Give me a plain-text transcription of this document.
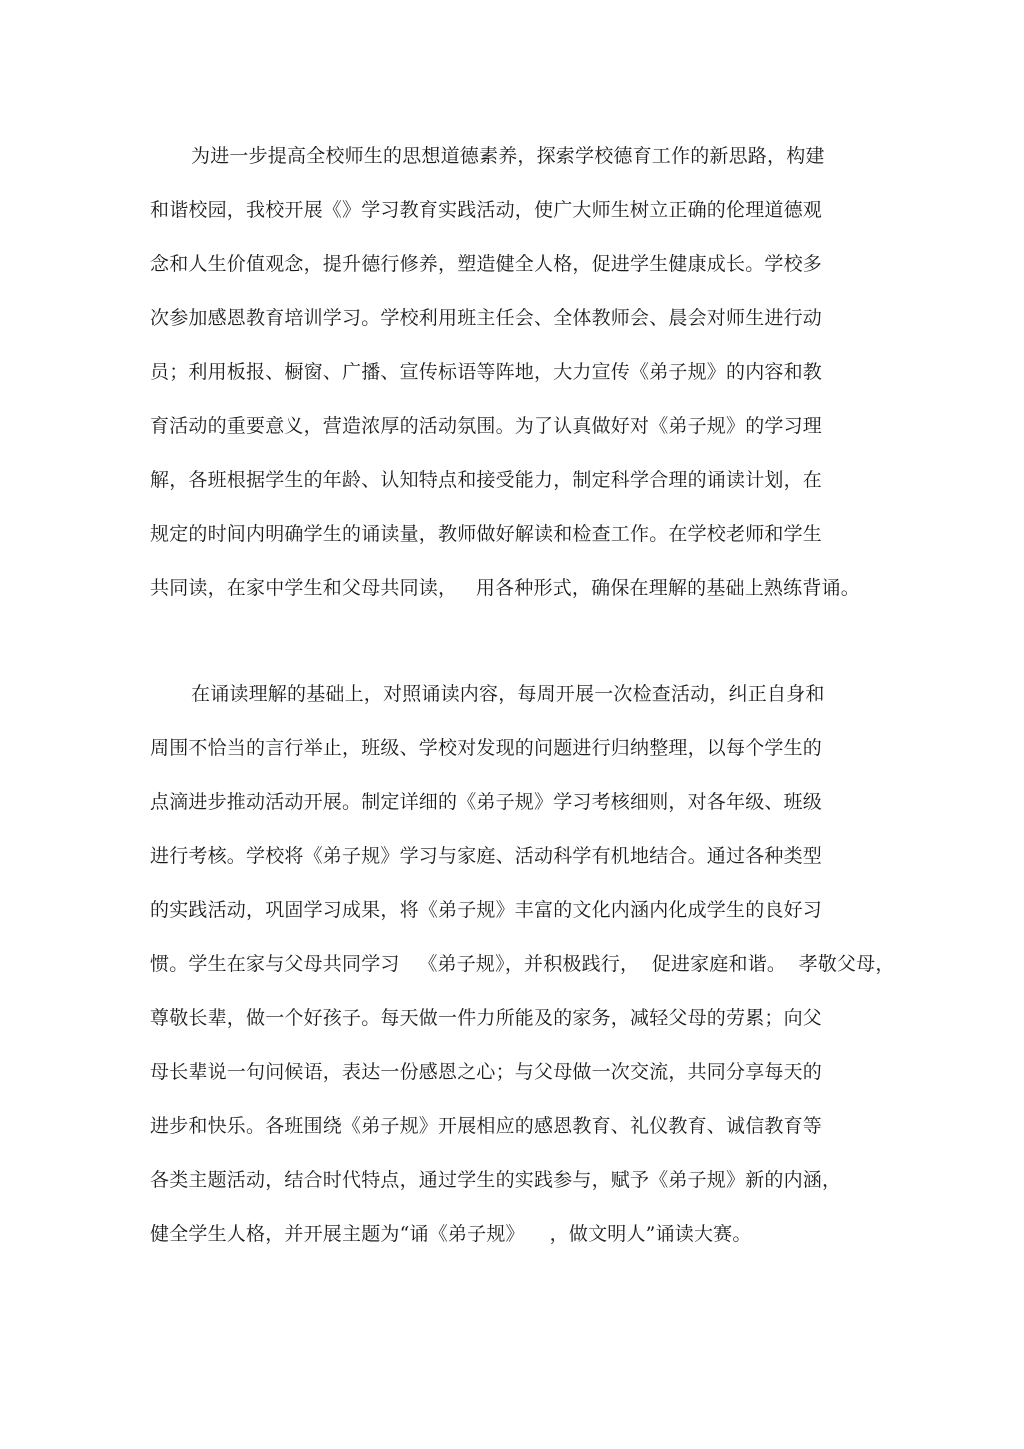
为进一步提高全校师生的思想道德素养，探索学校德育工作的新思路，构建
和谐校园，我校开展《》学习教育实践活动，使广大师生树立正确的伦理道德观
念和人生价值观念，提升德行修养，塑造健全人格，促进学生健康成长。学校多
次参加感恩教育培训学习。学校利用班主任会、全体教师会、晨会对师生进行动
员；利用板报、橱窗、广播、宣传标语等阵地，大力宣传《弟子规》的内容和教
育活动的重要意义，营造浓厚的活动氛围。为了认真做好对《弟子规》的学习理
解，各班根据学生的年龄、认知特点和接受能力，制定科学合理的诵读计划，在
规定的时间内明确学生的诵读量，教师做好解读和检查工作。在学校老师和学生
共同读，在家中学生和父母共同读，   用各种形式，确保在理解的基础上熟练背诵。
在诵读理解的基础上，对照诵读内容，每周开展一次检查活动，纠正自身和
周围不恰当的言行举止，班级、学校对发现的问题进行归纳整理，以每个学生的
点滴进步推动活动开展。制定详细的《弟子规》学习考核细则，对各年级、班级
进行考核。学校将《弟子规》学习与家庭、活动科学有机地结合。通过各种类型
的实践活动，巩固学习成果，将《弟子规》丰富的文化内涵内化成学生的良好习
惯。学生在家与父母共同学习   《弟子规》，并积极践行，  促进家庭和谐。  孝敬父母，
尊敬长辈，做一个好孩子。每天做一件力所能及的家务，减轻父母的劳累；向父
母长辈说一句问候语，表达一份感恩之心；与父母做一次交流，共同分享每天的
进步和快乐。各班围绕《弟子规》开展相应的感恩教育、礼仪教育、诚信教育等
各类主题活动，结合时代特点，通过学生的实践参与，赋予《弟子规》新的内涵，
健全学生人格，并开展主题为“诵《弟子规》    ，做文明人”诵读大赛。
